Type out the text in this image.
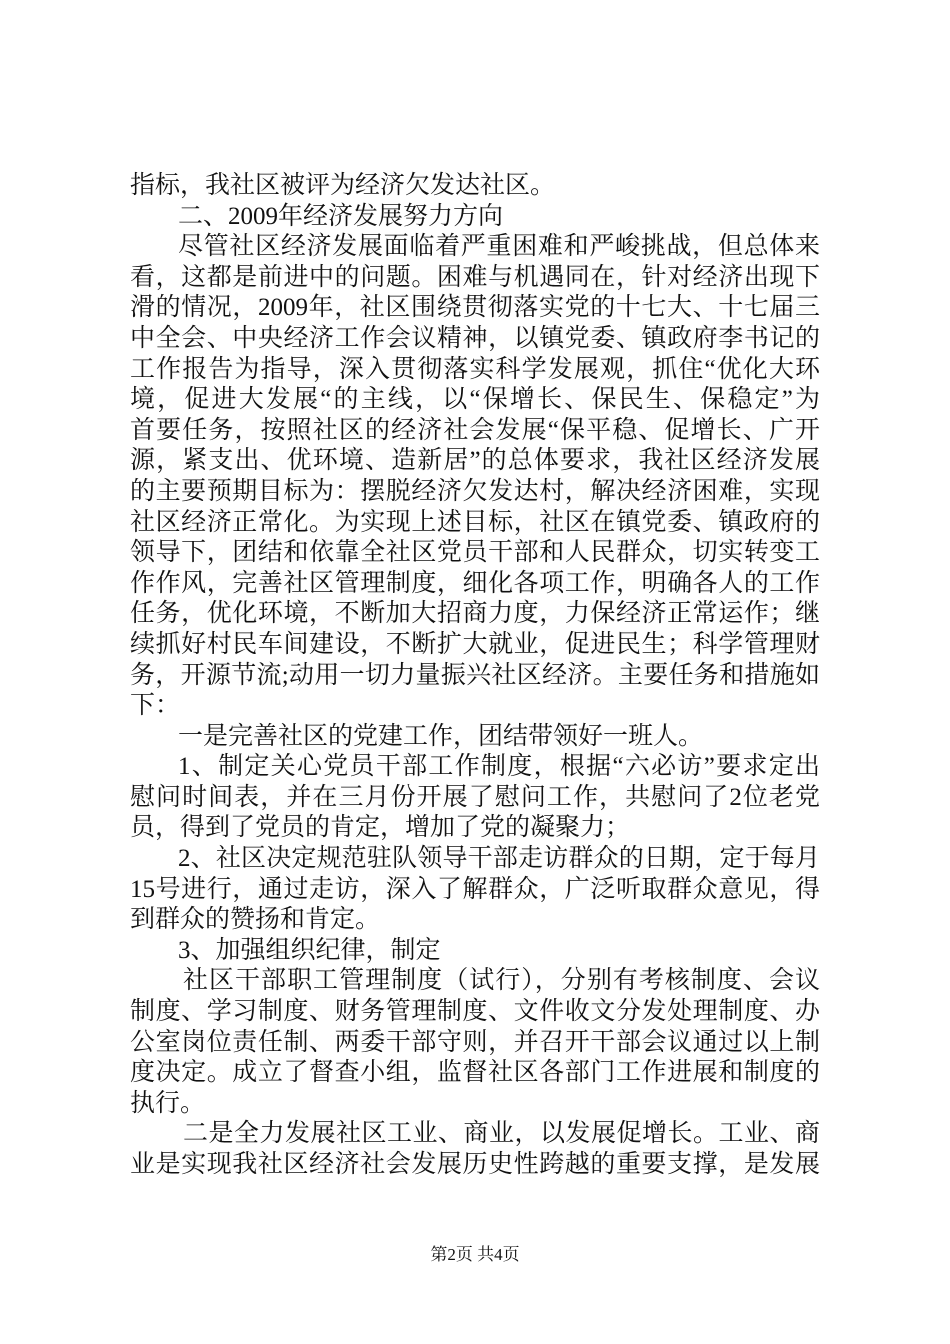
指标，我社区被评为经济欠发达社区。
二、2009年经济发展努力方向
尽管社区经济发展面临着严重困难和严峻挑战，但总体来
看，这都是前进中的问题。困难与机遇同在，针对经济出现下
滑的情况，2009年，社区围绕贯彻落实党的十七大、十七届三
中全会、中央经济工作会议精神，以镇党委、镇政府李书记的
工作报告为指导，深入贯彻落实科学发展观，抓住“优化大环
境，促进大发展“的主线，以“保增长、保民生、保稳定”为
首要任务，按照社区的经济社会发展“保平稳、促增长、广开
源，紧支出、优环境、造新居”的总体要求，我社区经济发展
的主要预期目标为：摆脱经济欠发达村，解决经济困难，实现
社区经济正常化。为实现上述目标，社区在镇党委、镇政府的
领导下，团结和依靠全社区党员干部和人民群众，切实转变工
作作风，完善社区管理制度，细化各项工作，明确各人的工作
任务，优化环境，不断加大招商力度，力保经济正常运作；继
续抓好村民车间建设，不断扩大就业，促进民生；科学管理财
务，开源节流;动用一切力量振兴社区经济。主要任务和措施如
下：
一是完善社区的党建工作，团结带领好一班人。
1、制定关心党员干部工作制度，根据“六必访”要求定出
慰问时间表，并在三月份开展了慰问工作，共慰问了2位老党
员，得到了党员的肯定，增加了党的凝聚力；
2、社区决定规范驻队领导干部走访群众的日期，定于每月
15号进行，通过走访，深入了解群众，广泛听取群众意见，得
到群众的赞扬和肯定。
3、加强组织纪律，制定
社区干部职工管理制度（试行），分别有考核制度、会议
制度、学习制度、财务管理制度、文件收文分发处理制度、办
公室岗位责任制、两委干部守则，并召开干部会议通过以上制
度决定。成立了督查小组，监督社区各部门工作进展和制度的
执行。
二是全力发展社区工业、商业，以发展促增长。工业、商
业是实现我社区经济社会发展历史性跨越的重要支撑，是发展
第2页 共4页
